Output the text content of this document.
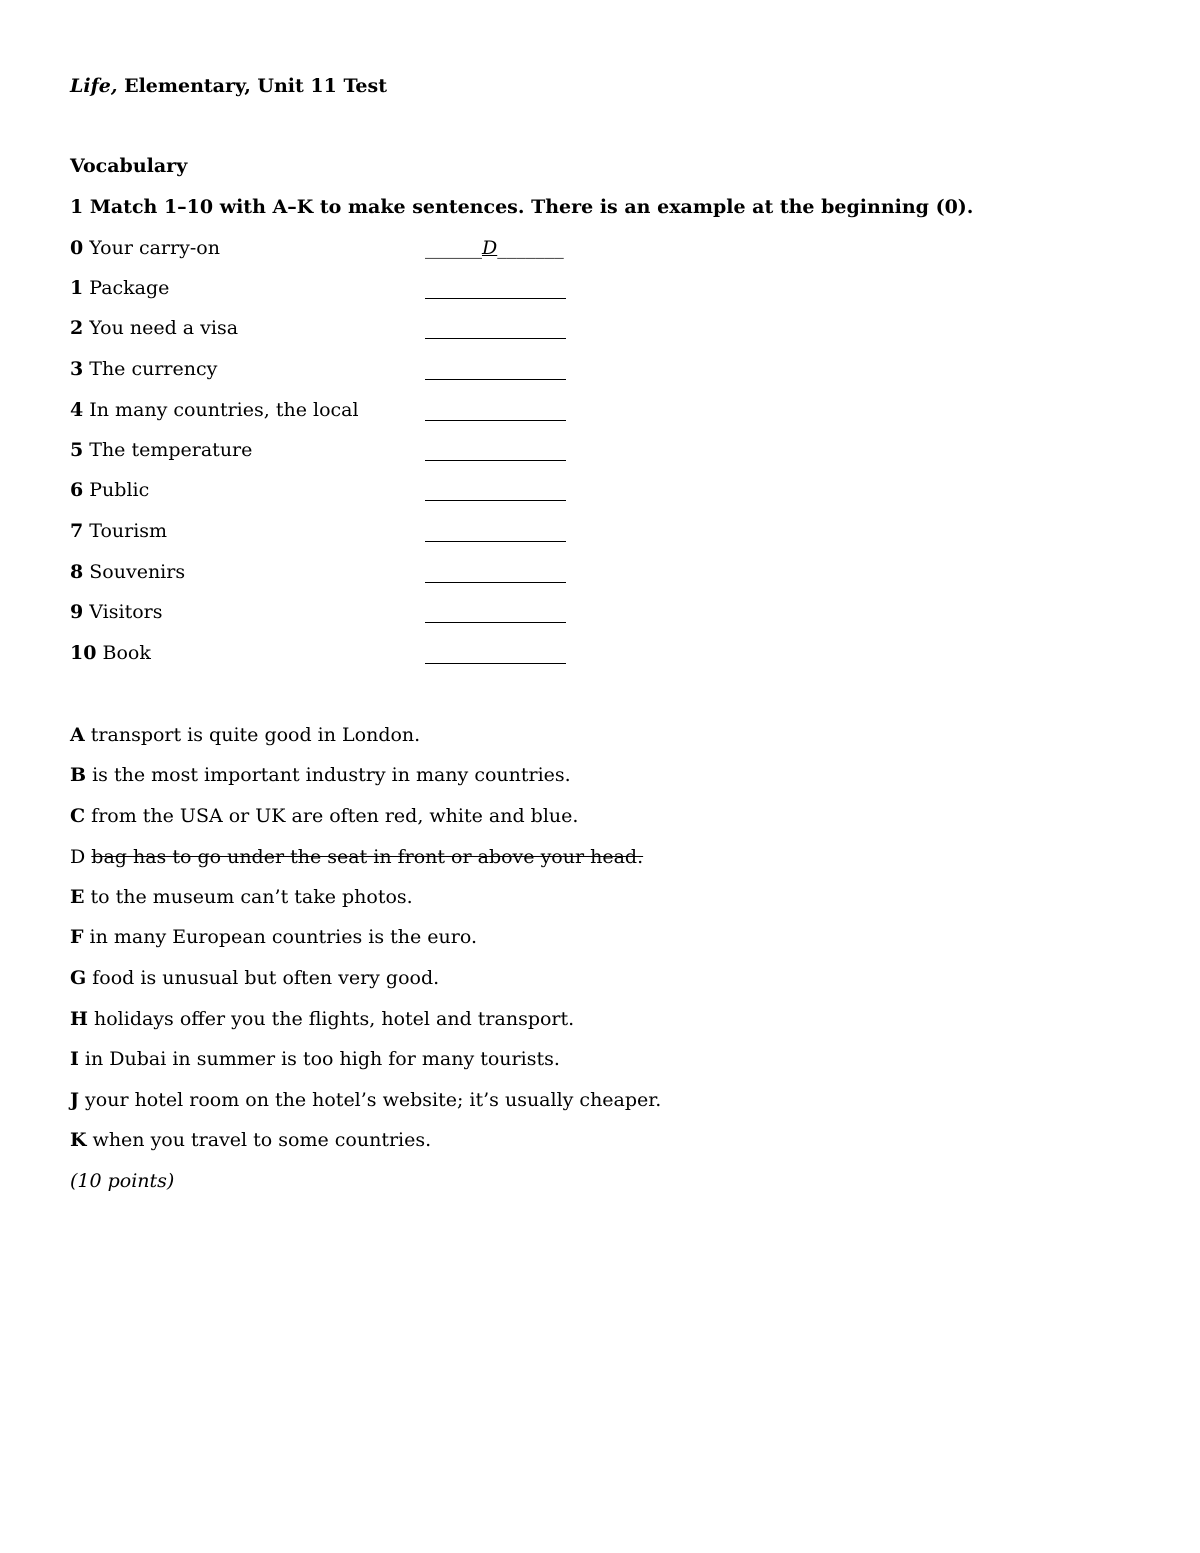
Life, Elementary, Unit 11 Test
Vocabulary
1 Match 1–10 with A–K to make sentences. There is an example at the beginning (0).
0 Your carry-on	______D_______
1 Package
2 You need a visa
3 The currency
4 In many countries, the local
5 The temperature
6 Public
7 Tourism
8 Souvenirs
9 Visitors
10 Book
A transport is quite good in London.
B is the most important industry in many countries.
C from the USA or UK are often red, white and blue.
D bag has to go under the seat in front or above your head.
E to the museum can’t take photos.
F in many European countries is the euro.
G food is unusual but often very good.
H holidays offer you the flights, hotel and transport.
I in Dubai in summer is too high for many tourists.
J your hotel room on the hotel’s website; it’s usually cheaper.
K when you travel to some countries.
(10 points)
